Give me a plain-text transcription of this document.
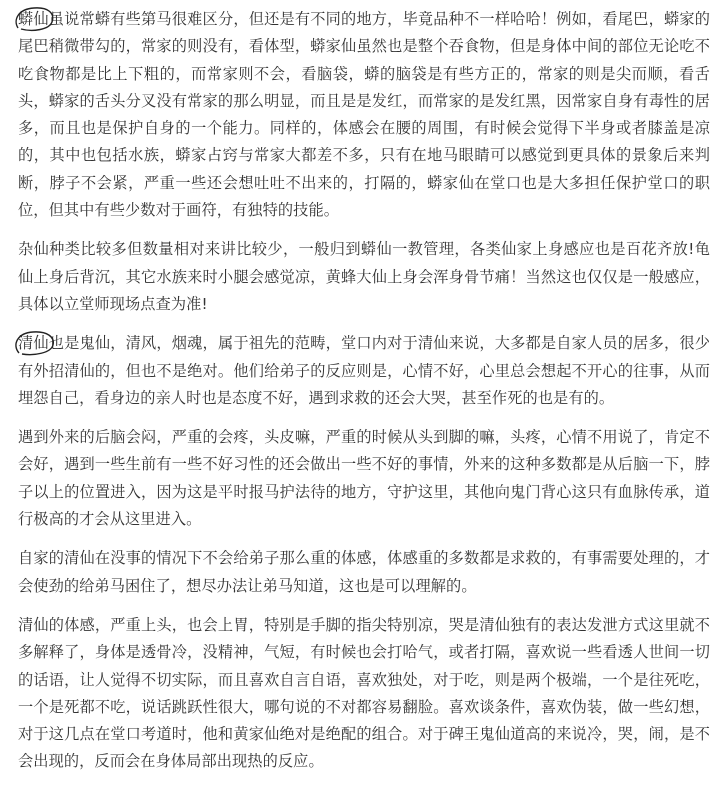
蟒仙虽说常蟒有些第马很难区分，但还是有不同的地方，毕竟品种不一样哈哈！例如，看尾巴，蟒家的尾巴稍微带勾的，常家的则没有，看体型，蟒家仙虽然也是整个吞食物，但是身体中间的部位无论吃不吃食物都是比上下粗的，而常家则不会，看脑袋，蟒的脑袋是有些方正的，常家的则是尖而顺，看舌头，蟒家的舌头分叉没有常家的那么明显，而且是是发红，而常家的是发红黑，因常家自身有毒性的居多，而且也是保护自身的一个能力。同样的，体感会在腰的周围，有时候会觉得下半身或者膝盖是凉的，其中也包括水族，蟒家占窍与常家大都差不多，只有在地马眼睛可以感觉到更具体的景象后来判断，脖子不会紧，严重一些还会想吐吐不出来的，打隔的，蟒家仙在堂口也是大多担任保护堂口的职位，但其中有些少数对于画符，有独特的技能。

杂仙种类比较多但数量相对来讲比较少，一般归到蟒仙一教管理，各类仙家上身感应也是百花齐放!龟仙上身后背沉，其它水族来时小腿会感觉凉，黄蜂大仙上身会浑身骨节痛！当然这也仅仅是一般感应，具体以立堂师现场点查为准!

清仙也是鬼仙，清风，烟魂，属于祖先的范畴，堂口内对于清仙来说，大多都是自家人员的居多，很少有外招清仙的，但也不是绝对。他们给弟子的反应则是，心情不好，心里总会想起不开心的往事，从而埋怨自己，看身边的亲人时也是态度不好，遇到求救的还会大哭，甚至作死的也是有的。

遇到外来的后脑会闷，严重的会疼，头皮嘛，严重的时候从头到脚的嘛，头疼，心情不用说了，肯定不会好，遇到一些生前有一些不好习性的还会做出一些不好的事情，外来的这种多数都是从后脑一下，脖子以上的位置进入，因为这是平时报马护法待的地方，守护这里，其他向鬼门背心这只有血脉传承，道行极高的才会从这里进入。

自家的清仙在没事的情况下不会给弟子那么重的体感，体感重的多数都是求救的，有事需要处理的，才会使劲的给弟马困住了，想尽办法让弟马知道，这也是可以理解的。

清仙的体感，严重上头，也会上胃，特别是手脚的指尖特别凉，哭是清仙独有的表达发泄方式这里就不多解释了，身体是透骨冷，没精神，气短，有时候也会打哈气，或者打隔，喜欢说一些看透人世间一切的话语，让人觉得不切实际，而且喜欢自言自语，喜欢独处，对于吃，则是两个极端，一个是往死吃，一个是死都不吃，说话跳跃性很大，哪句说的不对都容易翻脸。喜欢谈条件，喜欢伪装，做一些幻想，对于这几点在堂口考道时，他和黄家仙绝对是绝配的组合。对于碑王鬼仙道高的来说冷，哭，闹，是不会出现的，反而会在身体局部出现热的反应。
